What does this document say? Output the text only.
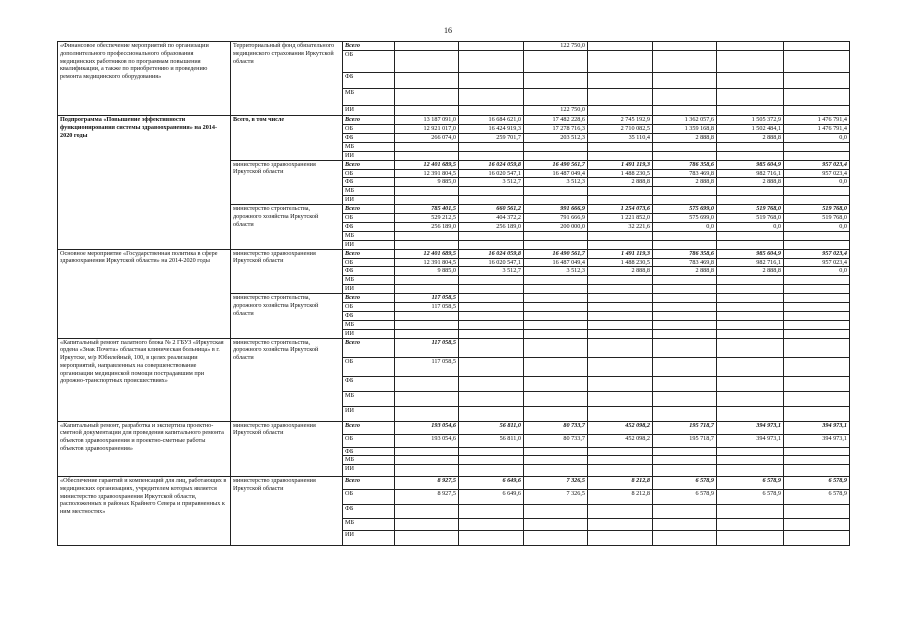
16
«Финансовое обеспечение мероприятий по организации дополнительного профессионального образования медицинских работников по программам повышения квалификации, а также по приобретению и проведению ремонта медицинского оборудования»	Территориальный фонд обязательного медицинского страхования Иркутской области	Всего			122 750,0				
		ОБ							
		ФБ							
		МБ							
		ИИ			122 750,0				
Подпрограмма «Повышение эффективности функционирования системы здравоохранения» на 2014-2020 годы	Всего, в том числе	Всего	13 187 091,0	16 684 621,0	17 482 228,6	2 745 192,9	1 362 057,6	1 505 372,9	1 476 791,4
		ОБ	12 921 017,0	16 424 919,3	17 278 716,3	2 710 082,5	1 359 168,8	1 502 484,1	1 476 791,4
		ФБ	266 074,0	259 701,7	203 512,3	35 110,4	2 888,8	2 888,8	0,0
		МБ							
		ИИ							
	министерство здравоохранения Иркутской области	Всего	12 401 689,5	16 024 059,8	16 490 561,7	1 491 119,3	786 358,6	985 604,9	957 023,4
		ОБ	12 391 804,5	16 020 547,1	16 487 049,4	1 488 230,5	783 469,8	982 716,1	957 023,4
		ФБ	9 885,0	3 512,7	3 512,3	2 888,8	2 888,8	2 888,8	0,0
		МБ							
		ИИ							
	министерство строительства, дорожного хозяйства Иркутской области	Всего	785 401,5	660 561,2	991 666,9	1 254 073,6	575 699,0	519 768,0	519 768,0
		ОБ	529 212,5	404 372,2	791 666,9	1 221 852,0	575 699,0	519 768,0	519 768,0
		ФБ	256 189,0	256 189,0	200 000,0	32 221,6	0,0	0,0	0,0
		МБ							
		ИИ							
Основное мероприятие «Государственная политика в сфере здравоохранения Иркутской области» на 2014-2020 годы	министерство здравоохранения Иркутской области	Всего	12 401 689,5	16 024 059,8	16 490 561,7	1 491 119,3	786 358,6	985 604,9	957 023,4
		ОБ	12 391 804,5	16 020 547,1	16 487 049,4	1 488 230,5	783 469,8	982 716,1	957 023,4
		ФБ	9 885,0	3 512,7	3 512,3	2 888,8	2 888,8	2 888,8	0,0
		МБ							
		ИИ							
	министерство строительства, дорожного хозяйства Иркутской области	Всего	117 058,5						
		ОБ	117 058,5						
		ФБ							
		МБ							
		ИИ							
«Капитальный ремонт палатного блока № 2 ГБУЗ «Иркутская ордена «Знак Почета» областная клиническая больница» в г. Иркутске, м/р Юбилейный, 100, в целях реализации мероприятий, направленных на совершенствование организации медицинской помощи пострадавшим при дорожно-транспортных происшествиях»	министерство строительства, дорожного хозяйства Иркутской области	Всего	117 058,5						
		ОБ	117 058,5						
		ФБ							
		МБ							
		ИИ							
«Капитальный ремонт, разработка и экспертиза проектно-сметной документации для проведения капитального ремонта объектов здравоохранения и проектно-сметные работы объектов здравоохранения»	министерство здравоохранения Иркутской области	Всего	193 054,6	56 811,0	80 733,7	452 098,2	195 718,7	394 973,1	394 973,1
		ОБ	193 054,6	56 811,0	80 733,7	452 098,2	195 718,7	394 973,1	394 973,1
		ФБ							
		МБ							
		ИИ							
«Обеспечение гарантий и компенсаций для лиц, работающих в медицинских организациях, учредителем которых является министерство здравоохранения Иркутской области, расположенных в районах Крайнего Севера и приравненных к ним местностях»	министерство здравоохранения Иркутской области	Всего	8 927,5	6 649,6	7 326,5	8 212,8	6 578,9	6 578,9	6 578,9
		ОБ	8 927,5	6 649,6	7 326,5	8 212,8	6 578,9	6 578,9	6 578,9
		ФБ							
		МБ							
		ИИ							
